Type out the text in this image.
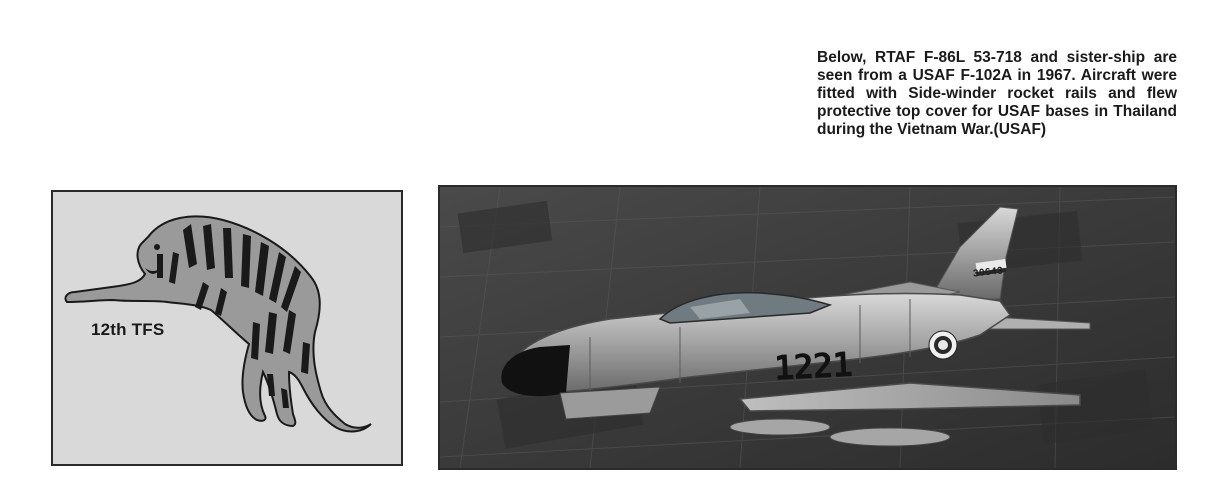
Below, RTAF F-86L 53-718 and sister-ship are seen from a USAF F-102A in 1967. Aircraft were fitted with Side-winder rocket rails and flew protective top cover for USAF bases in Thailand during the Vietnam War.(USAF)
12th TFS
30643
1221
